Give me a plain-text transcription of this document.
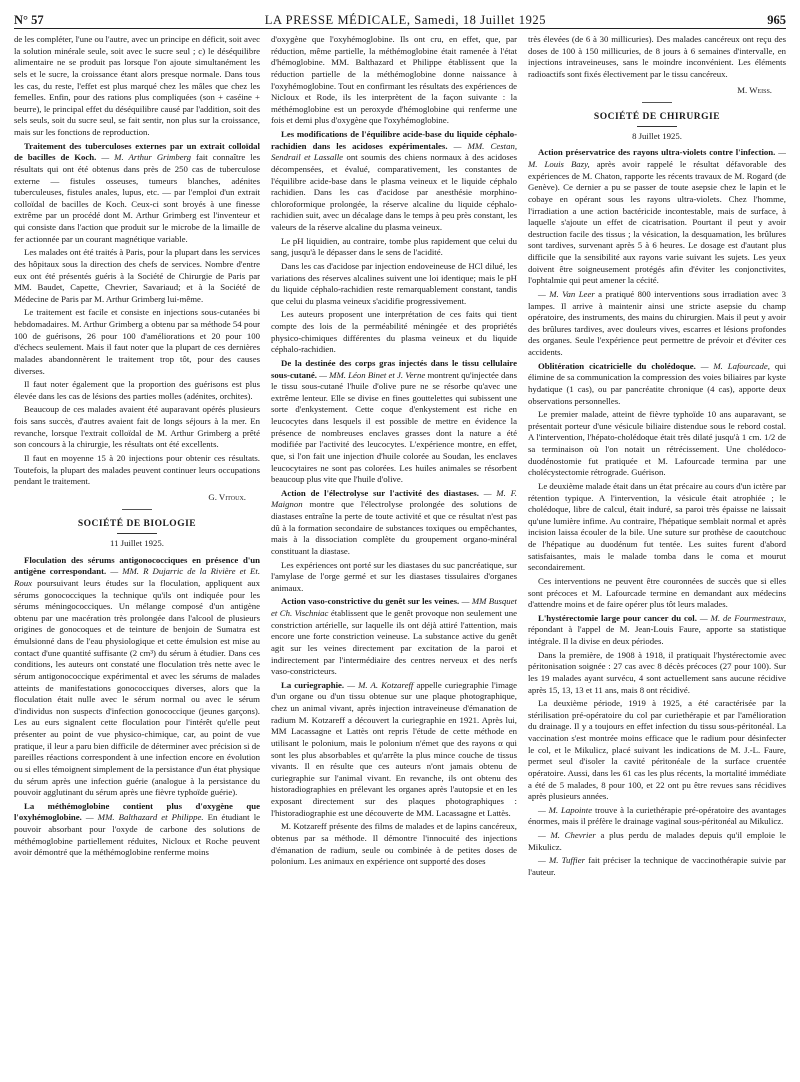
N° 57	LA PRESSE MÉDICALE, Samedi, 18 Juillet 1925	965

de les compléter, l'une ou l'autre, avec un principe en déficit, soit avec la solution minérale seule, soit avec le sucre seul ; c) le déséquilibre alimentaire ne se produit pas lorsque l'on ajoute simultanément les sels et le sucre, la croissance étant alors presque normale. Dans tous les cas, du reste, l'effet est plus marqué chez les mâles que chez les femelles. Enfin, pour des rations plus compliquées (son + caséine + beurre), le principal effet du déséquilibre causé par l'addition, soit des sels seuls, soit du sucre seul, se fait sentir, non plus sur la croissance, mais sur les fonctions de reproduction.

Traitement des tuberculoses externes par un extrait colloïdal de bacilles de Koch. — M. Arthur Grimberg fait connaître les résultats qui ont été obtenus dans près de 250 cas de tuberculose externe — fistules osseuses, tumeurs blanches, adénites tuberculeuses, fistules anales, lupus, etc. — par l'emploi d'un extrait colloïdal de bacilles de Koch. Ceux-ci sont broyés à une finesse extrême par un procédé dont M. Arthur Grimberg est l'inventeur et qui consiste dans l'action que produit sur le microbe de la limaille de fer actionnée par un courant magnétique variable.

Les malades ont été traités à Paris, pour la plupart dans les services des hôpitaux sous la direction des chefs de services. Nombre d'entre eux ont été présentés guéris à la Société de Chirurgie de Paris par MM. Baudet, Capette, Chevrier, Savariaud; et à la Société de Médecine de Paris par M. Arthur Grimberg lui-même.

Le traitement est facile et consiste en injections sous-cutanées bi hebdomadaires. M. Arthur Grimberg a obtenu par sa méthode 54 pour 100 de guérisons, 26 pour 100 d'améliorations et 20 pour 100 d'échecs seulement. Mais il faut noter que la plupart de ces dernières malades abandonnèrent le traitement trop tôt, pour des causes diverses.

Il faut noter également que la proportion des guérisons est plus élevée dans les cas de lésions des parties molles (adénites, orchites).

Beaucoup de ces malades avaient été auparavant opérés plusieurs fois sans succès, d'autres avaient fait de longs séjours à la mer. En revanche, lorsque l'extrait colloïdal de M. Arthur Grimberg a prêté son concours à la chirurgie, les résultats ont été excellents.

Il faut en moyenne 15 à 20 injections pour obtenir ces résultats. Toutefois, la plupart des malades peuvent continuer leurs occupations pendant le traitement.

G. Vitoux.
SOCIÉTÉ DE BIOLOGIE
11 Juillet 1925.

Floculation des sérums antigonococciques en présence d'un antigène correspondant. — MM. R Dujarric de la Rivière et Et. Roux poursuivant leurs études sur la floculation, appliquent aux sérums gonococciques la technique qu'ils ont indiquée pour les sérums méningococciques. Un mélange composé d'un antigène obtenu par une macération très prolongée dans l'alcool de plusieurs origines de gonocoques et de teinture de benjoin de Sumatra est émulsionné dans de l'eau physiologique et cette émulsion est mise au contact d'une quantité suffisante (2 cm³) du sérum à étudier. Dans ces conditions, les auteurs ont constaté une floculation très nette avec le sérum antigonococcique expérimental et avec les sérums de malades atteints de manifestations gonococciques diverses, alors que la floculation était nulle avec le sérum normal ou avec le sérum d'individus non suspects d'infection gonococcique (jeunes garçons). Les au eurs signalent cette floculation pour l'intérêt qu'elle peut présenter au point de vue physico-chimique, car, au point de vue pratique, il leur a paru bien difficile de déterminer avec précision si de pareilles réactions correspondent à une infection encore en évolution ou si elles témoignent simplement de la persistance d'un état physique du sérum après une infection guérie (analogue à la persistance du pouvoir agglutinant du sérum après une fièvre typhoïde guérie).

La méthémoglobine contient plus d'oxygène que l'oxyhémoglobine. — MM. Balthazard et Philippe. En étudiant le pouvoir absorbant pour l'oxyde de carbone des solutions de méthémoglobine partiellement réduites, Nicloux et Roche peuvent avoir démontré que la méthémoglobine renferme moins

d'oxygène que l'oxyhémoglobine. Ils ont cru, en effet, que, par réduction, même partielle, la méthémoglobine était ramenée à l'état d'hémoglobine. MM. Balthazard et Philippe établissent que la réduction partielle de la méthémoglobine donne naissance à l'oxyhémoglobine. Tout en confirmant les résultats des expériences de Nicloux et Rode, ils les interprètent de la façon suivante : la méthémoglobine est un peroxyde d'hémoglobine qui renferme une fois et demi plus d'oxygène que l'oxyhémoglobine.

Les modifications de l'équilibre acide-base du liquide céphalo-rachidien dans les acidoses expérimentales. — MM. Cestan, Sendrail et Lassalle ont soumis des chiens normaux à des acidoses décompensées, et évalué, comparativement, les constantes de l'équilibre acide-base dans le plasma veineux et le liquide céphalo rachidien. Dans les cas d'acidose par anesthésie morphino-chloroformique prolongée, la réserve alcaline du liquide céphalo-rachidien suit, avec un décalage dans le temps à peu près constant, les valeurs de la réserve alcaline du plasma veineux.

Le pH liquidien, au contraire, tombe plus rapidement que celui du sang, jusqu'à le dépasser dans le sens de l'acidité.

Dans les cas d'acidose par injection endoveineuse de HCl dilué, les variations des réserves alcalines suivent une loi identique; mais le pH du liquide céphalo-rachidien reste remarquablement constant, tandis que celui du plasma veineux s'acidifie progressivement.

Les auteurs proposent une interprétation de ces faits qui tient compte des lois de la perméabilité méningée et des propriétés physico-chimiques différentes du plasma veineux et du liquide céphalo-rachidien.

De la destinée des corps gras injectés dans le tissu cellulaire sous-cutané. — MM. Léon Binet et J. Verne montrent qu'injectée dans le tissu sous-cutané l'huile d'olive pure ne se résorbe qu'avec une extrême lenteur. Elle se divise en fines gouttelettes qui subissent une sorte d'enkystement. Cette coque d'enkystement est riche en leucocytes dans lesquels il est possible de mettre en évidence la présence de nombreuses enclaves grasses dont la nature a été modifiée par l'activité des leucocytes. L'expérience montre, en effet, que, si l'on fait une injection d'huile colorée au Soudan, les enclaves leucocytaires ne sont pas colorées. Les huiles animales se résorbent beaucoup plus vite que l'huile d'olive.

Action de l'électrolyse sur l'activité des diastases. — M. F. Maignon montre que l'électrolyse prolongée des solutions de diastases entraîne la perte de toute activité et que ce résultat n'est pas dû à la formation secondaire de substances toxiques ou empêchantes, mais à la dissociation complète du groupement organo-minéral constituant la diastase.

Les expériences ont porté sur les diastases du suc pancréatique, sur l'amylase de l'orge germé et sur les diastases tissulaires d'organes animaux.

Action vaso-constrictive du genêt sur les veines. — MM Busquet et Ch. Vischniac établissent que le genêt provoque non seulement une constriction artérielle, sur laquelle ils ont déjà attiré l'attention, mais encore une forte constriction veineuse. La substance active du genêt agit sur les veines directement par excitation de la paroi et indirectement par l'intermédiaire des centres nerveux et des nerfs vaso-constricteurs.

La curiegraphie. — M. A. Kotzareff appelle curiegraphie l'image d'un organe ou d'un tissu obtenue sur une plaque photographique, chez un animal vivant, après injection intraveineuse d'émanation de radium M. Kotzareff a découvert la curiegraphie en 1921. Après lui, MM Lacassagne et Lattès ont repris l'étude de cette méthode en utilisant le polonium, mais le polonium n'émet que des rayons α qui sont les plus absorbables et qu'arrête la plus mince couche de tissus vivants. Il en résulte que ces auteurs n'ont jamais obtenu de curiegraphie sur l'animal vivant. En revanche, ils ont obtenu des historadiographies en prélevant les organes après l'autopsie et en les exposant directement sur des plaques photographiques : l'historadiographie est une découverte de MM. Lacassagne et Lattès.

M. Kotzareff présente des films de malades et de lapins cancéreux, obtenus par sa méthode. Il démontre l'innocuité des injections d'émanation de radium, seule ou combinée à de petites doses de polonium. Les animaux en expérience ont supporté des doses

très élevées (de 6 à 30 millicuries). Des malades cancéreux ont reçu des doses de 100 à 150 millicuries, de 8 jours à 6 semaines d'intervalle, en injections intraveineuses, sans le moindre inconvénient. Les éléments radioactifs sont fixés électivement par le tissu cancéreux.

M. Weiss.
SOCIÉTÉ DE CHIRURGIE
8 Juillet 1925.

Action préservatrice des rayons ultra-violets contre l'infection. — M. Louis Bazy, après avoir rappelé le résultat défavorable des expériences de M. Chaton, rapporte les récents travaux de M. Rogard (de Genève). Ce dernier a pu se passer de toute asepsie chez le lapin et le cobaye en opérant sous les rayons ultra-violets. Chez l'homme, l'irradiation a une action bactéricide incontestable, mais de surface, à laquelle s'ajoute un effet de cicatrisation. Pourtant il peut y avoir destruction facile des tissus ; la vésication, la desquamation, les brûlures sont tardives, survenant après 5 à 6 heures. Le dosage est d'autant plus difficile que la sensibilité aux rayons varie suivant les sujets. Les yeux doivent être soigneusement protégés afin d'éviter les conjonctivites, l'ophtalmie qui peut amener la cécité.

— M. Van Leer a pratiqué 800 interventions sous irradiation avec 3 lampes. Il arrive à maintenir ainsi une stricte asepsie du champ opératoire, des instruments, des mains du chirurgien. Mais il peut y avoir des brûlures tardives, avec douleurs vives, escarres et lésions profondes des organes. Seule l'expérience peut permettre de prévoir et d'éviter ces accidents.

Oblitération cicatricielle du cholédoque. — M. Lafourcade, qui élimine de sa communication la compression des voies biliaires par kyste hydatique (1 cas), ou par pancréatite chronique (4 cas), apporte deux observations personnelles.

Le premier malade, atteint de fièvre typhoïde 10 ans auparavant, se présentait porteur d'une vésicule biliaire distendue sous le rebord costal. A l'intervention, l'hépato-cholédoque était très dilaté jusqu'à 1 cm. 1/2 de sa terminaison où l'on notait un rétrécissement. Une cholédoco-duodénostomie fut pratiquée et M. Lafourcade termina par une cholécystectomie rétrograde. Guérison.

Le deuxième malade était dans un état précaire au cours d'un ictère par rétention typique. A l'intervention, la vésicule était atrophiée ; le cholédoque, libre de calcul, était induré, sa paroi très épaisse ne laissait qu'une lumière infime. Au contraire, l'hépatique semblait normal et après incision laissa écouler de la bile. Une suture sur prothèse de caoutchouc de l'hépatique au duodénum fut tentée. Les suites furent d'abord satisfaisantes, mais le malade tomba dans le coma et mourut secondairement.

Ces interventions ne peuvent être couronnées de succès que si elles sont précoces et M. Lafourcade termine en demandant aux médecins d'attendre moins et de faire opérer plus tôt leurs malades.

L'hystérectomie large pour cancer du col. — M. de Fourmestraux, répondant à l'appel de M. Jean-Louis Faure, apporte sa statistique intégrale. Il la divise en deux périodes.

Dans la première, de 1908 à 1918, il pratiquait l'hystérectomie avec péritonisation soignée : 27 cas avec 8 décès précoces (27 pour 100). Sur les 19 malades ayant survécu, 4 sont actuellement sans aucune récidive après 15, 13, 13 et 11 ans, mais 8 ont récidivé.

La deuxième période, 1919 à 1925, a été caractérisée par la stérilisation pré-opératoire du col par curiethérapie et par l'amélioration du drainage. Il y a toujours en effet infection du tissu sous-péritonéal. La vaccination s'est montrée moins efficace que le radium pour désinfecter le col, et le Mikulicz, placé suivant les indications de M. J.-L. Faure, permet seul d'isoler la cavité péritonéale de la surface cruentée opératoire. Aussi, dans les 61 cas les plus récents, la mortalité immédiate a été de 5 malades, 8 pour 100, et 22 ont pu être revues sans récidives après plusieurs années.

— M. Lapointe trouve à la curiethérapie pré-opératoire des avantages énormes, mais il préfère le drainage vaginal sous-péritonéal au Mikulicz.

— M. Chevrier a plus perdu de malades depuis qu'il emploie le Mikulicz.

— M. Tuffier fait préciser la technique de vaccinothérapie suivie par l'auteur.
